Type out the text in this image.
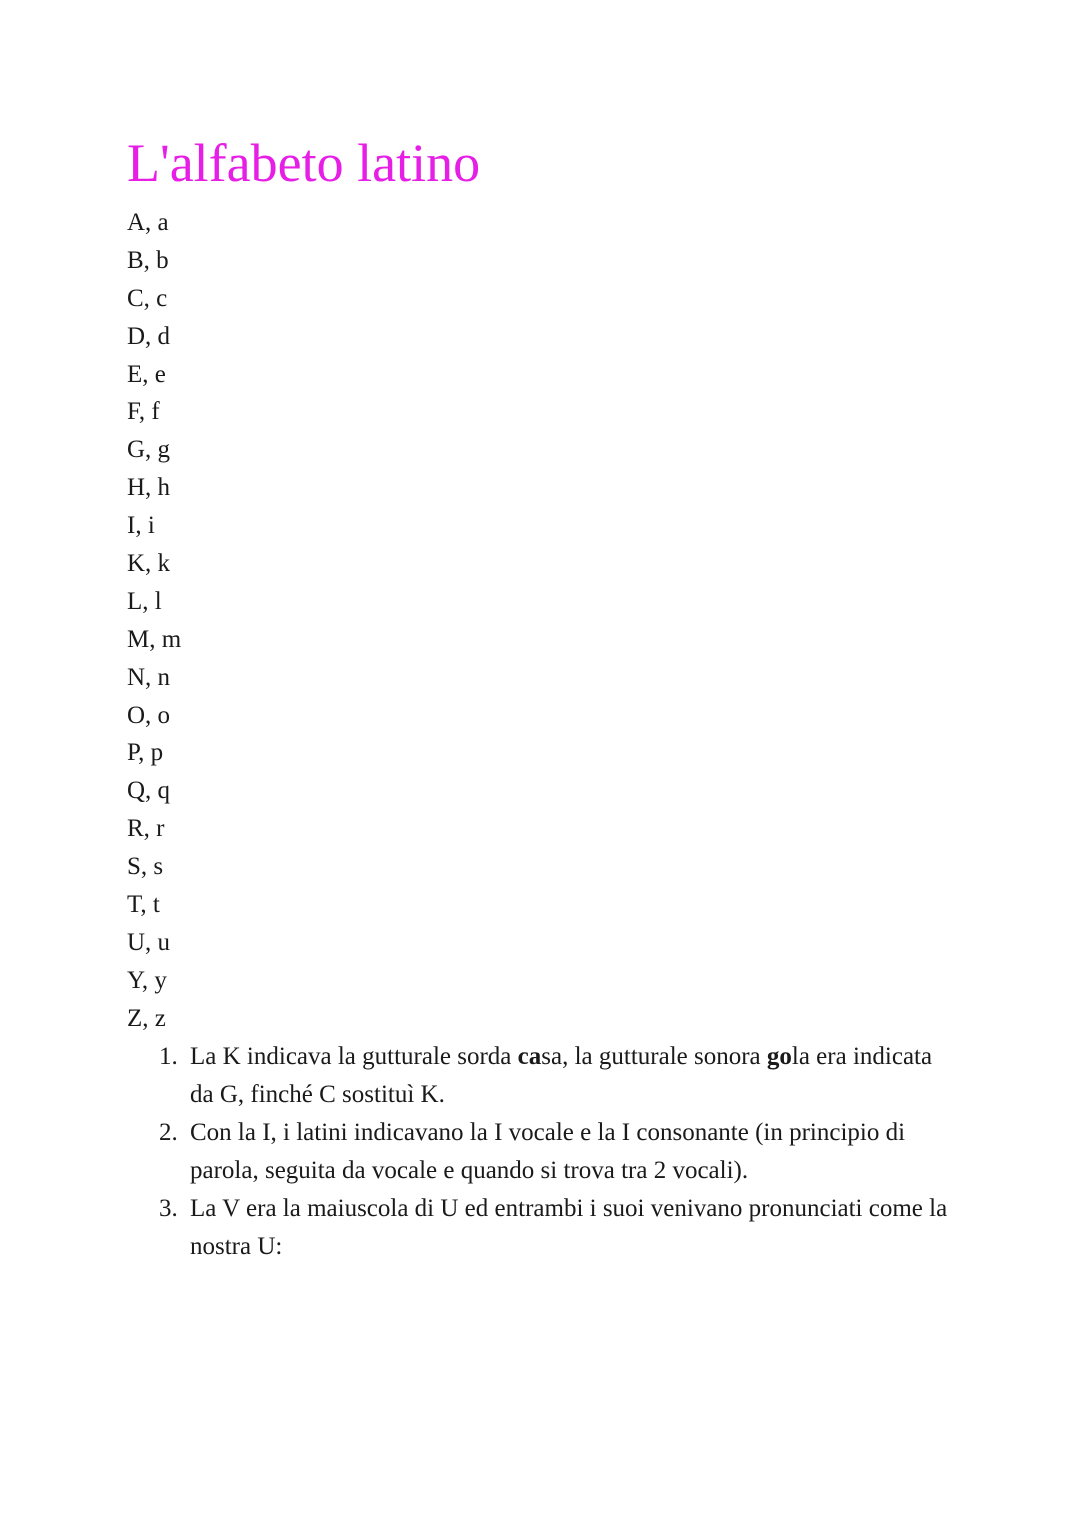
L'alfabeto latino
A, a
B, b
C, c
D, d
E, e
F, f
G, g
H, h
I, i
K, k
L, l
M, m
N, n
O, o
P, p
Q, q
R, r
S, s
T, t
U, u
Y, y
Z, z
1. La K indicava la gutturale sorda casa, la gutturale sonora gola era indicata da G, finché C sostituì K.
2. Con la I, i latini indicavano la I vocale e la I consonante (in principio di parola, seguita da vocale e quando si trova tra 2 vocali).
3. La V era la maiuscola di U ed entrambi i suoi venivano pronunciati come la nostra U:
